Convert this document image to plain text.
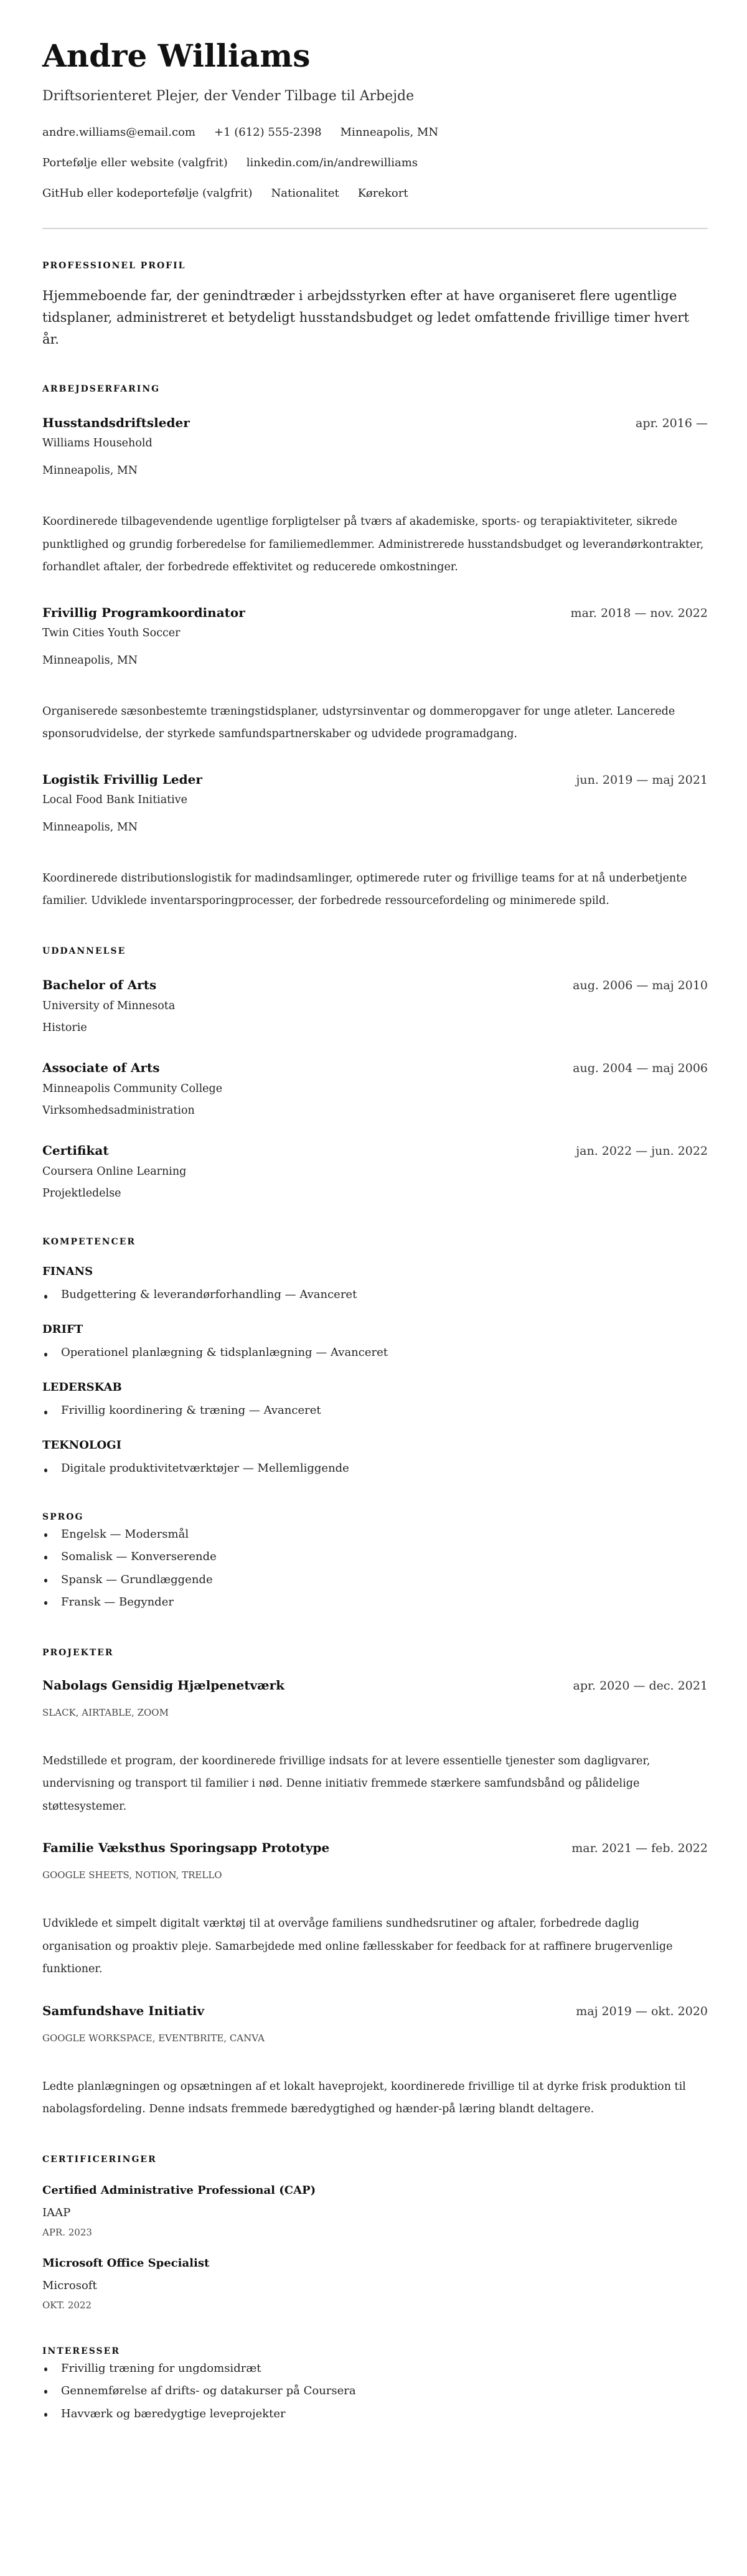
Andre Williams
Driftsorienteret Plejer, der Vender Tilbage til Arbejde
andre.williams@email.com +1 (612) 555-2398 Minneapolis, MN
Portefølje eller website (valgfrit) linkedin.com/in/andrewilliams
GitHub eller kodeportefølje (valgfrit) Nationalitet Kørekort
PROFESSIONEL PROFIL

Hjemmeboende far, der genindtræder i arbejdsstyrken efter at have organiseret flere ugentlige tidsplaner, administreret et betydeligt husstandsbudget og ledet omfattende frivillige timer hvert år.

ARBEJDSERFARING
Husstandsdriftsleder	apr. 2016 —
Williams Household
Minneapolis, MN
Koordinerede tilbagevendende ugentlige forpligtelser på tværs af akademiske, sports- og terapiaktiviteter, sikrede punktlighed og grundig forberedelse for familiemedlemmer. Administrerede husstandsbudget og leverandørkontrakter, forhandlet aftaler, der forbedrede effektivitet og reducerede omkostninger.
Frivillig Programkoordinator	mar. 2018 — nov. 2022
Twin Cities Youth Soccer
Minneapolis, MN
Organiserede sæsonbestemte træningstidsplaner, udstyrsinventar og dommeropgaver for unge atleter. Lancerede sponsorudvidelse, der styrkede samfundspartnerskaber og udvidede programadgang.
Logistik Frivillig Leder	jun. 2019 — maj 2021
Local Food Bank Initiative
Minneapolis, MN
Koordinerede distributionslogistik for madindsamlinger, optimerede ruter og frivillige teams for at nå underbetjente familier. Udviklede inventarsporingprocesser, der forbedrede ressourcefordeling og minimerede spild.
UDDANNELSE
Bachelor of Arts	aug. 2006 — maj 2010
University of Minnesota
Historie
Associate of Arts	aug. 2004 — maj 2006
Minneapolis Community College
Virksomhedsadministration
Certifikat	jan. 2022 — jun. 2022
Coursera Online Learning
Projektledelse
KOMPETENCER
FINANS
Budgettering & leverandørforhandling — Avanceret
DRIFT
Operationel planlægning & tidsplanlægning — Avanceret
LEDERSKAB
Frivillig koordinering & træning — Avanceret
TEKNOLOGI
Digitale produktivitetværktøjer — Mellemliggende
SPROG
Engelsk — Modersmål
Somalisk — Konverserende
Spansk — Grundlæggende
Fransk — Begynder
PROJEKTER
Nabolags Gensidig Hjælpenetværk	apr. 2020 — dec. 2021
SLACK, AIRTABLE, ZOOM
Medstillede et program, der koordinerede frivillige indsats for at levere essentielle tjenester som dagligvarer, undervisning og transport til familier i nød. Denne initiativ fremmede stærkere samfundsbånd og pålidelige støttesystemer.
Familie Væksthus Sporingsapp Prototype	mar. 2021 — feb. 2022
GOOGLE SHEETS, NOTION, TRELLO
Udviklede et simpelt digitalt værktøj til at overvåge familiens sundhedsrutiner og aftaler, forbedrede daglig organisation og proaktiv pleje. Samarbejdede med online fællesskaber for feedback for at raffinere brugervenlige funktioner.
Samfundshave Initiativ	maj 2019 — okt. 2020
GOOGLE WORKSPACE, EVENTBRITE, CANVA
Ledte planlægningen og opsætningen af et lokalt haveprojekt, koordinerede frivillige til at dyrke frisk produktion til nabolagsfordeling. Denne indsats fremmede bæredygtighed og hænder-på læring blandt deltagere.
CERTIFICERINGER
Certified Administrative Professional (CAP)
IAAP
APR. 2023
Microsoft Office Specialist
Microsoft
OKT. 2022
INTERESSER
Frivillig træning for ungdomsidræt
Gennemførelse af drifts- og datakurser på Coursera
Havværk og bæredygtige leveprojekter
